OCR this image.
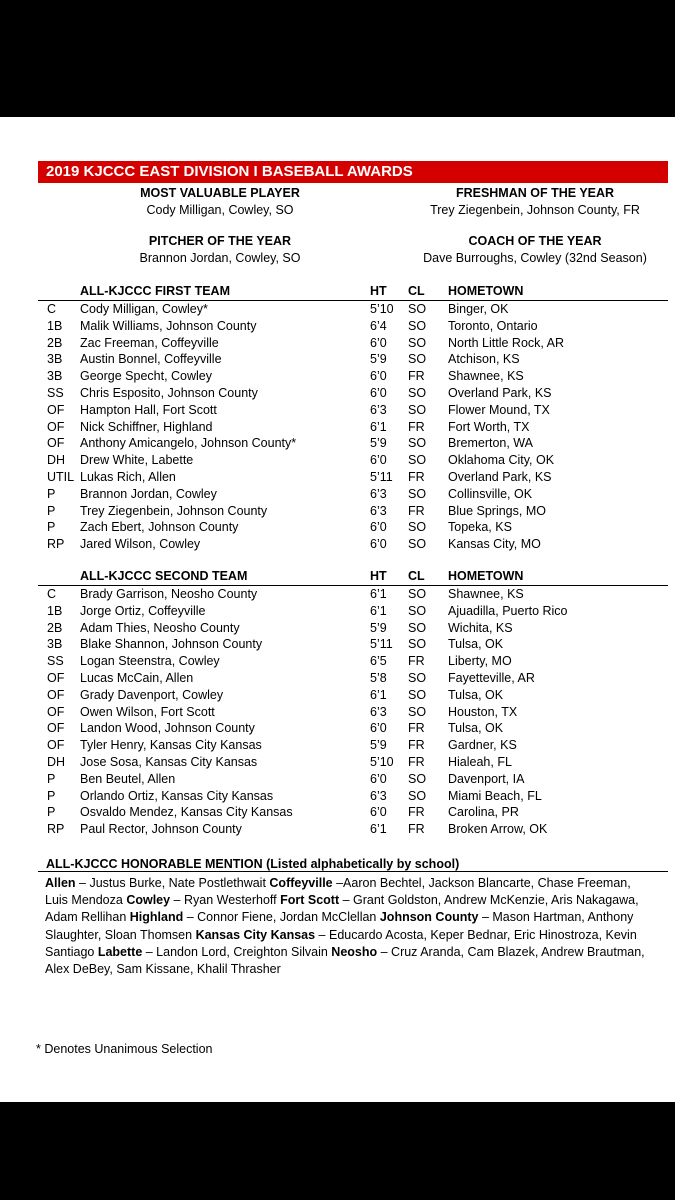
2019 KJCCC EAST DIVISION I BASEBALL AWARDS
MOST VALUABLE PLAYER
Cody Milligan, Cowley, SO
FRESHMAN OF THE YEAR
Trey Ziegenbein, Johnson County, FR
PITCHER OF THE YEAR
Brannon Jordan, Cowley, SO
COACH OF THE YEAR
Dave Burroughs, Cowley (32nd Season)
ALL-KJCCC FIRST TEAM	HT CL HOMETOWN
C Cody Milligan, Cowley*	5’10 SO Binger, OK
1B Malik Williams, Johnson County	6’4 SO Toronto, Ontario
2B Zac Freeman, Coffeyville	6’0 SO North Little Rock, AR
3B Austin Bonnel, Coffeyville	5’9 SO Atchison, KS
3B George Specht, Cowley	6’0 FR Shawnee, KS
SS Chris Esposito, Johnson County	6’0 SO Overland Park, KS
OF Hampton Hall, Fort Scott	6’3 SO Flower Mound, TX
OF Nick Schiffner, Highland	6’1 FR Fort Worth, TX
OF Anthony Amicangelo, Johnson County*	5’9 SO Bremerton, WA
DH Drew White, Labette	6’0 SO Oklahoma City, OK
UTIL Lukas Rich, Allen	5’11 FR Overland Park, KS
P Brannon Jordan, Cowley	6’3 SO Collinsville, OK
P Trey Ziegenbein, Johnson County	6’3 FR Blue Springs, MO
P Zach Ebert, Johnson County	6’0 SO Topeka, KS
RP Jared Wilson, Cowley	6’0 SO Kansas City, MO
ALL-KJCCC SECOND TEAM	HT CL HOMETOWN
C Brady Garrison, Neosho County	6’1 SO Shawnee, KS
1B Jorge Ortiz, Coffeyville	6’1 SO Ajuadilla, Puerto Rico
2B Adam Thies, Neosho County	5’9 SO Wichita, KS
3B Blake Shannon, Johnson County	5’11 SO Tulsa, OK
SS Logan Steenstra, Cowley	6’5 FR Liberty, MO
OF Lucas McCain, Allen	5’8 SO Fayetteville, AR
OF Grady Davenport, Cowley	6’1 SO Tulsa, OK
OF Owen Wilson, Fort Scott	6’3 SO Houston, TX
OF Landon Wood, Johnson County	6’0 FR Tulsa, OK
OF Tyler Henry, Kansas City Kansas	5’9 FR Gardner, KS
DH Jose Sosa, Kansas City Kansas	5’10 FR Hialeah, FL
P Ben Beutel, Allen	6’0 SO Davenport, IA
P Orlando Ortiz, Kansas City Kansas	6’3 SO Miami Beach, FL
P Osvaldo Mendez, Kansas City Kansas	6’0 FR Carolina, PR
RP Paul Rector, Johnson County	6’1 FR Broken Arrow, OK
ALL-KJCCC HONORABLE MENTION (Listed alphabetically by school)
Allen – Justus Burke, Nate Postlethwait Coffeyville –Aaron Bechtel, Jackson Blancarte, Chase Freeman, Luis Mendoza Cowley – Ryan Westerhoff Fort Scott – Grant Goldston, Andrew McKenzie, Aris Nakagawa, Adam Rellihan Highland – Connor Fiene, Jordan McClellan Johnson County – Mason Hartman, Anthony Slaughter, Sloan Thomsen Kansas City Kansas – Educardo Acosta, Keper Bednar, Eric Hinostroza, Kevin Santiago Labette – Landon Lord, Creighton Silvain Neosho – Cruz Aranda, Cam Blazek, Andrew Brautman, Alex DeBey, Sam Kissane, Khalil Thrasher
* Denotes Unanimous Selection
